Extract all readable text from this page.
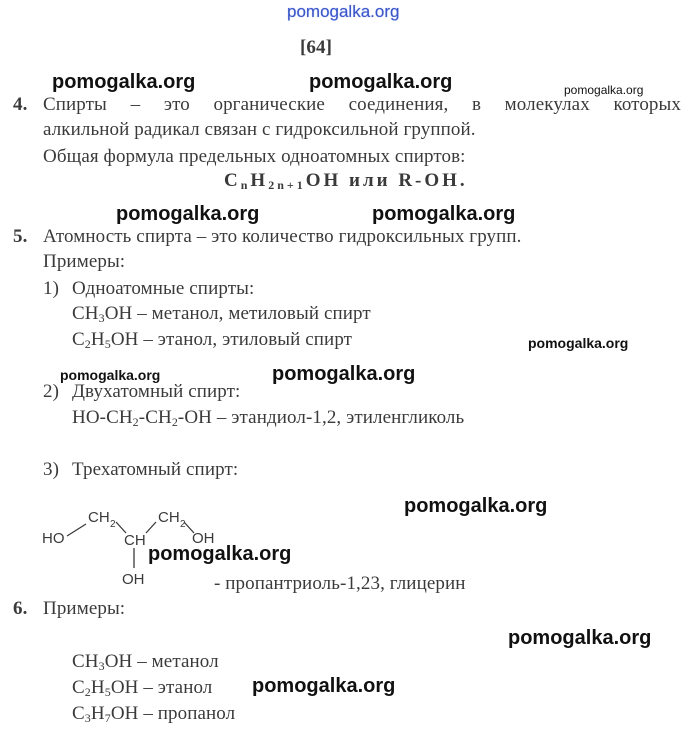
pomogalka.org
pomogalka.org	pomogalka.org	pomogalka.org
pomogalka.org	pomogalka.org
pomogalka.org
pomogalka.org	pomogalka.org
pomogalka.org
pomogalka.org
pomogalka.org
pomogalka.org
[64]
4. Спирты – это органические соединения, в молекулах которых
алкильной радикал связан с гидроксильной группой.
Общая формула предельных одноатомных спиртов:
$C_nH_{2n+1}OH$ или R-OH.
5. Атомность спирта – это количество гидроксильных групп.
Примеры:
1) Одноатомные спирты:
$CH_3OH$ – метанол, метиловый спирт
$C_2H_5OH$ – этанол, этиловый спирт
2) Двухатомный спирт:
$HO-CH_2-CH_2-OH$ – этандиол-1,2, этиленгликоль
3) Трехатомный спирт:
HO
CH 2
CH
OH
CH 2
OH
- пропантриоль-1,23, глицерин
6. Примеры:
$CH_3OH$ – метанол
$C_2H_5OH$ – этанол
$C_3H_7OH$ – пропанол
